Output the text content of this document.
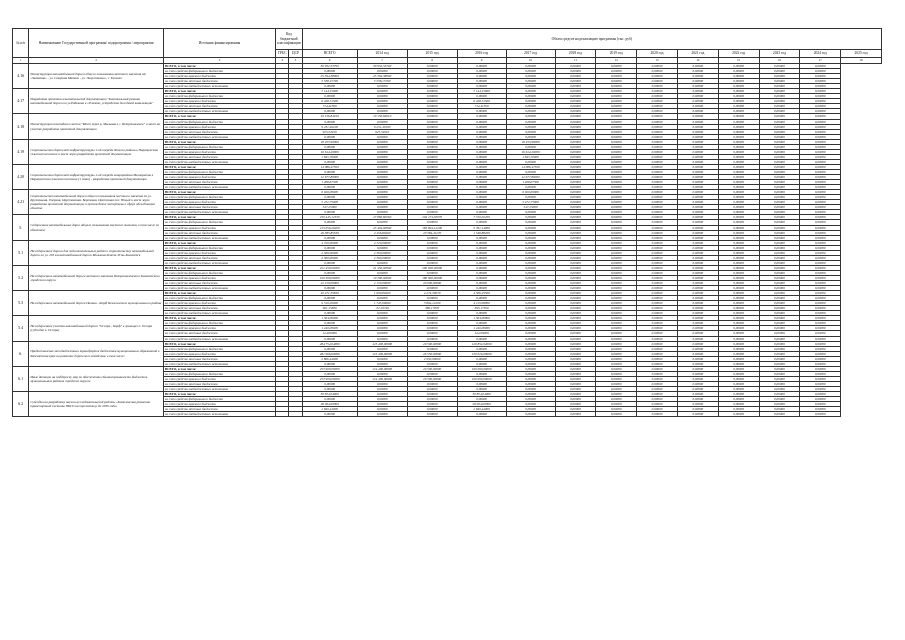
№ п/п	Наименование Государственной программы/ подпрограммы / мероприятия	Источник финансирования	Код бюджетной классификации		Объем средств на реализацию программы (тыс. руб)												
			ГРБС	ЦСР	ВСЕГО	2014 год	2015 год	2016 год	2017 год	2018 год	2019 год	2020 год	2021 год	2022 год	2023 год	2024 год	2025 год
1	2	3	4	5	6	7	8	9	10	11	12	13	14	15	16	17	18
4.16	Реконструкция автомобильной дороги общего пользования местного значения от «Знаменка» - ул. Северная Матвеи - ул. Энергетиков», г. Елизово	ВСЕГО, в том числе:			30 932,53790	30 932,53790	0,00000	0,00000	0,00000	0,00000	0,00000	0,00000	0,00000	0,00000	0,00000	0,00000	
		за счет средств федерального бюджета			0,00000	0,00000	0,00000	0,00000	0,00000	0,00000	0,00000	0,00000	0,00000	0,00000	0,00000	0,00000	
		за счет средств краевого бюджета			25 394,38000	25 394,38000	0,00000	0,00000	0,00000	0,00000	0,00000	0,00000	0,00000	0,00000	0,00000	0,00000	
		за счет средств местных бюджетов			5 538,15790	5 538,15790	0,00000	0,00000	0,00000	0,00000	0,00000	0,00000	0,00000	0,00000	0,00000	0,00000	
		за счет средств внебюджетных источников			0,00000	0,00000	0,00000	0,00000	0,00000	0,00000	0,00000	0,00000	0,00000	0,00000	0,00000	0,00000	
4.17	Разработка проектно-изыскательской документации "Капитальный ремонт автомобильной дороги по ул.Рябикова в г.Елизово, устройство дождевой канализации"	ВСЕГО, в том числе:			7 144,15000	0,00000	0,00000	7 144,15000	0,00000	0,00000	0,00000	0,00000	0,00000	0,00000	0,00000	0,00000	
		за счет средств федерального бюджета			0,00000	0,00000	0,00000	0,00000	0,00000	0,00000	0,00000	0,00000	0,00000	0,00000	0,00000	0,00000	
		за счет средств краевого бюджета			6 428,71500	0,00000	0,00000	6 428,71500	0,00000	0,00000	0,00000	0,00000	0,00000	0,00000	0,00000	0,00000	
		за счет средств местных бюджетов			714,41500	0,00000	0,00000	714,41500	0,00000	0,00000	0,00000	0,00000	0,00000	0,00000	0,00000	0,00000	
		за счет средств внебюджетных источников			0,00000	0,00000	0,00000	0,00000	0,00000	0,00000	0,00000	0,00000	0,00000	0,00000	0,00000	0,00000	
4.18	Реконструкция пешеходного моста "Мост через р. Мыльная в г. Петропавловск" и мост на участке разработка проектной документации	ВСЕГО, в том числе:			10 156,84010	10 156,84010	0,00000	0,00000	0,00000	0,00000	0,00000	0,00000	0,00000	0,00000	0,00000	0,00000	
		за счет средств федерального бюджета			0,00000	0,00000	0,00000	0,00000	0,00000	0,00000	0,00000	0,00000	0,00000	0,00000	0,00000	0,00000	
		за счет средств краевого бюджета			9 231,49100	9 231,49100	0,00000	0,00000	0,00000	0,00000	0,00000	0,00000	0,00000	0,00000	0,00000	0,00000	
		за счет средств местных бюджетов			925,34910	925,34910	0,00000	0,00000	0,00000	0,00000	0,00000	0,00000	0,00000	0,00000	0,00000	0,00000	
		за счет средств внебюджетных источников			0,00000	0,00000	0,00000	0,00000	0,00000	0,00000	0,00000	0,00000	0,00000	0,00000	0,00000	0,00000	
4.19	Строительство дорожной инфраструктуры 1-ой очереди Жилого района в Паратунском сельском поселении и мост через разработка проектной документации	ВСЕГО, в том числе:			18 453,99000	0,00000	0,00000	0,00000	18 453,99000	0,00000	0,00000	0,00000	0,00000	0,00000	0,00000	0,00000	
		за счет средств федерального бюджета			0,00000	0,00000	0,00000	0,00000	0,00000	0,00000	0,00000	0,00000	0,00000	0,00000	0,00000	0,00000	
		за счет средств краевого бюджета			16 614,29000	0,00000	0,00000	0,00000	16 614,29000	0,00000	0,00000	0,00000	0,00000	0,00000	0,00000	0,00000	
		за счет средств местных бюджетов			1 845,70000	0,00000	0,00000	0,00000	1 845,70000	0,00000	0,00000	0,00000	0,00000	0,00000	0,00000	0,00000	
		за счет средств внебюджетных источников			0,00000	0,00000	0,00000	0,00000	0,00000	0,00000	0,00000	0,00000	0,00000	0,00000	0,00000	0,00000	
4.20	Строительство дорожной инфраструктуры 1-ой очереди микрорайона Мелиоратов в Паратунском сельском поселении (1 этап) - разработка проектной документации	ВСЕГО, в том числе:			14 086,47500	0,00000	0,00000	0,00000	14 086,47500	0,00000	0,00000	0,00000	0,00000	0,00000	0,00000	0,00000	
		за счет средств федерального бюджета			0,00000	0,00000	0,00000	0,00000	0,00000	0,00000	0,00000	0,00000	0,00000	0,00000	0,00000	0,00000	
		за счет средств краевого бюджета			12 677,80000	0,00000	0,00000	0,00000	12 677,80000	0,00000	0,00000	0,00000	0,00000	0,00000	0,00000	0,00000	
		за счет средств местных бюджетов			1 408,67500	0,00000	0,00000	0,00000	1 408,67500	0,00000	0,00000	0,00000	0,00000	0,00000	0,00000	0,00000	
		за счет средств внебюджетных источников			0,00000	0,00000	0,00000	0,00000	0,00000	0,00000	0,00000	0,00000	0,00000	0,00000	0,00000	0,00000	
4.21	Строительство автомобильной дороги общего пользования местного значения по ул. Крутенькая, Озерная, Царственная, Березовая, Цветочная пос. Новый и мост через разработка проектной документации и прохождение экспертизы в сфере обследования объекта	ВСЕГО, в том числе:			6 020,00000	0,00000	0,00000	0,00000	6 020,00000	0,00000	0,00000	0,00000	0,00000	0,00000	0,00000	0,00000	
		за счет средств федерального бюджета			0,00000	0,00000	0,00000	0,00000	0,00000	0,00000	0,00000	0,00000	0,00000	0,00000	0,00000	0,00000	
		за счет средств краевого бюджета			5 472,75000	0,00000	0,00000	0,00000	5 472,75000	0,00000	0,00000	0,00000	0,00000	0,00000	0,00000	0,00000	
		за счет средств местных бюджетов			547,25000	0,00000	0,00000	0,00000	547,25000	0,00000	0,00000	0,00000	0,00000	0,00000	0,00000	0,00000	
		за счет средств внебюджетных источников			0,00000	0,00000	0,00000	0,00000	0,00000	0,00000	0,00000	0,00000	0,00000	0,00000	0,00000	0,00000	
5.	Содержание автомобильных дорог общего пользования местного значения, в том числе по объектам:	ВСЕГО, в том числе:			239 445,12530	27 860,80260	204 274,30070	7 310,02200	0,00000	0,00000	0,00000	0,00000	0,00000	0,00000	0,00000	0,00000	
		за счет средств федерального бюджета			0,00000	0,00000	0,00000	0,00000	0,00000	0,00000	0,00000	0,00000	0,00000	0,00000	0,00000	0,00000	
		за счет средств краевого бюджета			213 059,26200	23 404,00000	183 894,12200	5 761,14000	0,00000	0,00000	0,00000	0,00000	0,00000	0,00000	0,00000	0,00000	
		за счет средств местных бюджетов			26 385,85530	4 456,80260	20 384,41270	1 548,88200	0,00000	0,00000	0,00000	0,00000	0,00000	0,00000	0,00000	0,00000	
		за счет средств внебюджетных источников			0,00000	0,00000	0,00000	0,00000	0,00000	0,00000	0,00000	0,00000	0,00000	0,00000	0,00000	0,00000	
5.1	На содержание дороги для подготовительных работ к строительству автомобильной дороги по ул. 295 км автомобильной дороги Мильково-Ключи-Усть-Камчатск	ВСЕГО, в том числе:			4 720,00000	4 720,00000	0,00000	0,00000	0,00000	0,00000	0,00000	0,00000	0,00000	0,00000	0,00000	0,00000	
		за счет средств федерального бюджета			0,00000	0,00000	0,00000	0,00000	0,00000	0,00000	0,00000	0,00000	0,00000	0,00000	0,00000	0,00000	
		за счет средств краевого бюджета			2 360,00000	2 360,00000	0,00000	0,00000	0,00000	0,00000	0,00000	0,00000	0,00000	0,00000	0,00000	0,00000	
		за счет средств местных бюджетов			2 360,00000	2 360,00000	0,00000	0,00000	0,00000	0,00000	0,00000	0,00000	0,00000	0,00000	0,00000	0,00000	
		за счет средств внебюджетных источников			0,00000	0,00000	0,00000	0,00000	0,00000	0,00000	0,00000	0,00000	0,00000	0,00000	0,00000	0,00000	
5.2	На содержание автомобильной дороги местного значения Петропавловского Камчатского городского округа	ВСЕГО, в том числе:			221 450,00000	21 450,00000	200 000,00000	0,00000	0,00000	0,00000	0,00000	0,00000	0,00000	0,00000	0,00000	0,00000	
		за счет средств федерального бюджета			0,00000	0,00000	0,00000	0,00000	0,00000	0,00000	0,00000	0,00000	0,00000	0,00000	0,00000	0,00000	
		за счет средств краевого бюджета			199 300,00000	19 300,00000	180 000,00000	0,00000	0,00000	0,00000	0,00000	0,00000	0,00000	0,00000	0,00000	0,00000	
		за счет средств местных бюджетов			22 150,00000	2 150,00000	20 000,00000	0,00000	0,00000	0,00000	0,00000	0,00000	0,00000	0,00000	0,00000	0,00000	
		за счет средств внебюджетных источников			0,00000	0,00000	0,00000	0,00000	0,00000	0,00000	0,00000	0,00000	0,00000	0,00000	0,00000	0,00000	
5.3	На содержание автомобильной дороги Палана - Корф Пенжинского муниципального района	ВСЕГО, в том числе:			10 471,35830	1 690,80260	4 274,30070	4 506,25500	0,00000	0,00000	0,00000	0,00000	0,00000	0,00000	0,00000	0,00000	
		за счет средств федерального бюджета			0,00000	0,00000	0,00000	0,00000	0,00000	0,00000	0,00000	0,00000	0,00000	0,00000	0,00000	0,00000	
		за счет средств краевого бюджета			9 510,20000	1 743,00000	3 894,12200	4 113,08000	0,00000	0,00000	0,00000	0,00000	0,00000	0,00000	0,00000	0,00000	
		за счет средств местных бюджетов			961,15830	-52,19740	380,17870	393,17500	0,00000	0,00000	0,00000	0,00000	0,00000	0,00000	0,00000	0,00000	
		за счет средств внебюджетных источников			0,00000	0,00000	0,00000	0,00000	0,00000	0,00000	0,00000	0,00000	0,00000	0,00000	0,00000	0,00000	
5.4	На содержание участка автомобильной дороги "Оссора - Корф" в границах п. Оссора (субсидия п. Оссора)	ВСЕГО, в том числе:			1 364,00000	0,00000	0,00000	1 364,00000	0,00000	0,00000	0,00000	0,00000	0,00000	0,00000	0,00000	0,00000	
		за счет средств федерального бюджета			0,00000	0,00000	0,00000	0,00000	0,00000	0,00000	0,00000	0,00000	0,00000	0,00000	0,00000	0,00000	
		за счет средств краевого бюджета			1 240,00000	0,00000	0,00000	1 240,00000	0,00000	0,00000	0,00000	0,00000	0,00000	0,00000	0,00000	0,00000	
		за счет средств местных бюджетов			124,00000	0,00000	0,00000	124,00000	0,00000	0,00000	0,00000	0,00000	0,00000	0,00000	0,00000	0,00000	
		за счет средств внебюджетных источников			0,00000	0,00000	0,00000	0,00000	0,00000	0,00000	0,00000	0,00000	0,00000	0,00000	0,00000	0,00000	
6.	Предоставление межбюджетных трансфертов бюджетам муниципальных образований в Камчатском крае на развитие дорожного хозяйства, в том числе:	ВСЕГО, в том числе:			284 754,04000	125 400,00000	29 500,00000	129 854,04000	0,00000	0,00000	0,00000	0,00000	0,00000	0,00000	0,00000	0,00000	
		за счет средств федерального бюджета			0,00000	0,00000	0,00000	0,00000	0,00000	0,00000	0,00000	0,00000	0,00000	0,00000	0,00000	0,00000	
		за счет средств краевого бюджета			281 966,60000	125 400,00000	26 550,00000	130 016,60000	0,00000	0,00000	0,00000	0,00000	0,00000	0,00000	0,00000	0,00000	
		за счет средств местных бюджетов			2 806,44000	0,00000	2 950,00000	0,00000	0,00000	0,00000	0,00000	0,00000	0,00000	0,00000	0,00000	0,00000	
		за счет средств внебюджетных источников			0,00000	0,00000	0,00000	0,00000	0,00000	0,00000	0,00000	0,00000	0,00000	0,00000	0,00000	0,00000	
6.1	Иные дотации на поддержку мер по обеспечению сбалансированности бюджетов муниципальных районов городских округов	ВСЕГО, в том числе:			253 900,00000	124 400,00000	29 500,00000	100 000,00000	0,00000	0,00000	0,00000	0,00000	0,00000	0,00000	0,00000	0,00000	
		за счет средств федерального бюджета			0,00000	0,00000	0,00000	0,00000	0,00000	0,00000	0,00000	0,00000	0,00000	0,00000	0,00000	0,00000	
		за счет средств краевого бюджета			253 900,00000	124 400,00000	29 500,00000	100 000,00000	0,00000	0,00000	0,00000	0,00000	0,00000	0,00000	0,00000	0,00000	
		за счет средств местных бюджетов			0,00000	0,00000	0,00000	0,00000	0,00000	0,00000	0,00000	0,00000	0,00000	0,00000	0,00000	0,00000	
		за счет средств внебюджетных источников			0,00000	0,00000	0,00000	0,00000	0,00000	0,00000	0,00000	0,00000	0,00000	0,00000	0,00000	0,00000	
6.2	Субсидии на разработку научно-исследовательской работы «Комплексная развития транспортной системы ПКГО на перспективу до 2030 года»	ВСЕГО, в том числе:			30 854,04000	0,00000	0,00000	30 854,04000	0,00000	0,00000	0,00000	0,00000	0,00000	0,00000	0,00000	0,00000	
		за счет средств федерального бюджета			0,00000	0,00000	0,00000	0,00000	0,00000	0,00000	0,00000	0,00000	0,00000	0,00000	0,00000	0,00000	
		за счет средств краевого бюджета			28 004,60000	0,00000	0,00000	28 004,60000	0,00000	0,00000	0,00000	0,00000	0,00000	0,00000	0,00000	0,00000	
		за счет средств местных бюджетов			2 849,44000	0,00000	0,00000	2 849,44000	0,00000	0,00000	0,00000	0,00000	0,00000	0,00000	0,00000	0,00000	
		за счет средств внебюджетных источников			0,00000	0,00000	0,00000	0,00000	0,00000	0,00000	0,00000	0,00000	0,00000	0,00000	0,00000	0,00000	
